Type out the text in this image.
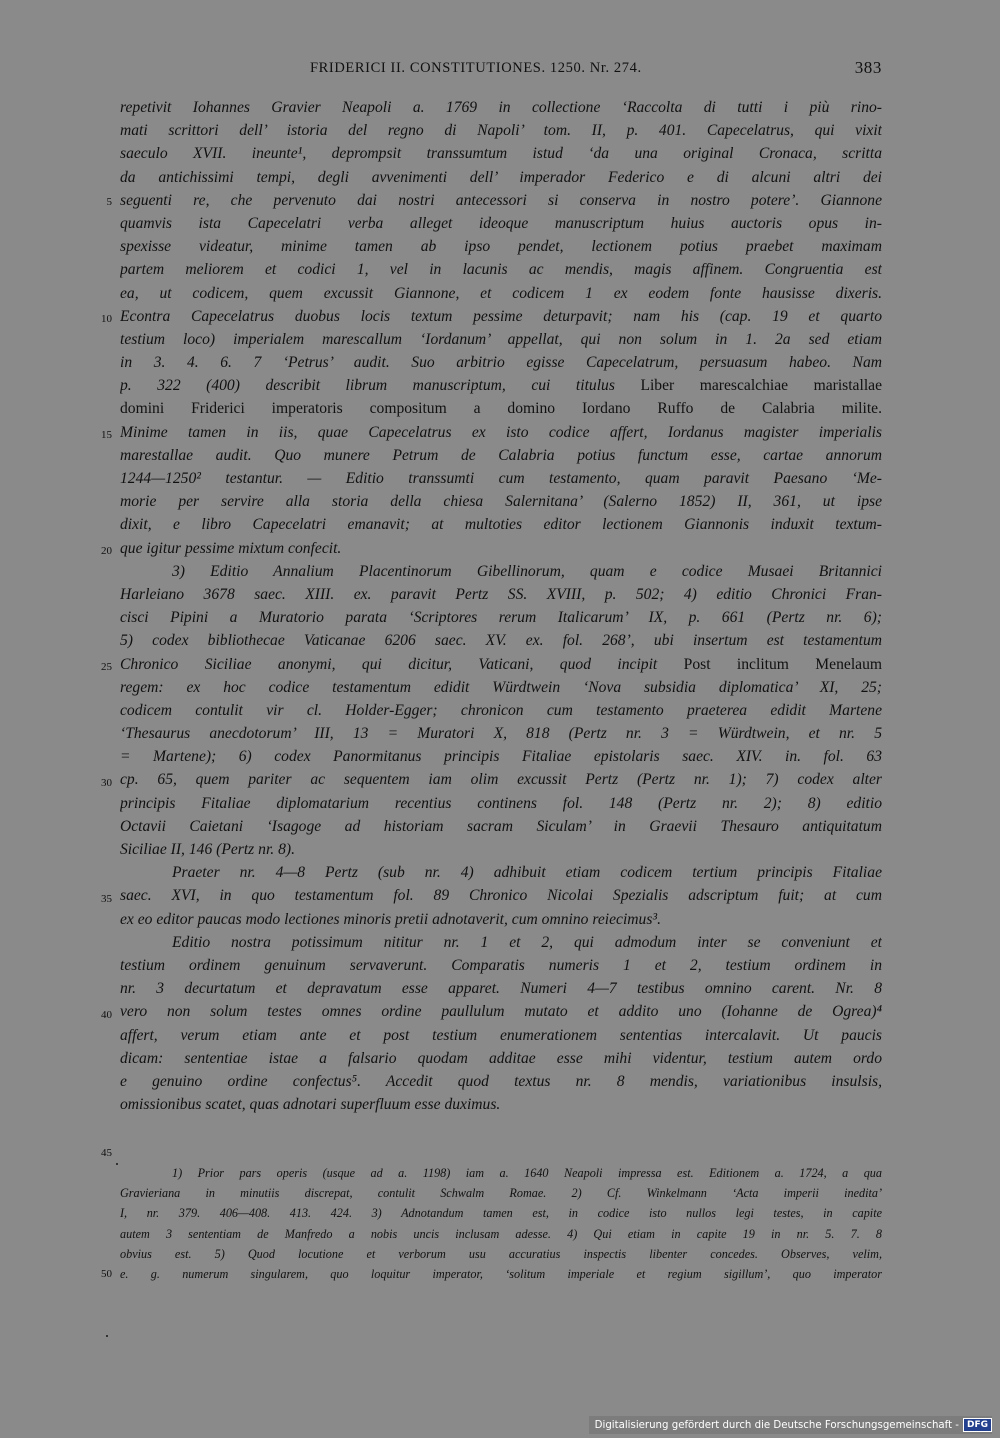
FRIDERICI II. CONSTITUTIONES. 1250. Nr. 274.	383
5
10
15
20
25
30
35
40
45
50
repetivit Iohannes Gravier Neapoli a. 1769 in collectione ‘Raccolta di tutti i più rino-
mati scrittori dell’ istoria del regno di Napoli’ tom. II, p. 401. Capecelatrus, qui vixit
saeculo XVII. ineunte¹, deprompsit transsumtum istud ‘da una original Cronaca, scritta
da antichissimi tempi, degli avvenimenti dell’ imperador Federico e di alcuni altri dei
seguenti re, che pervenuto dai nostri antecessori si conserva in nostro potere’. Giannone
quamvis ista Capecelatri verba alleget ideoque manuscriptum huius auctoris opus in-
spexisse videatur, minime tamen ab ipso pendet, lectionem potius praebet maximam
partem meliorem et codici 1, vel in lacunis ac mendis, magis affinem. Congruentia est
ea, ut codicem, quem excussit Giannone, et codicem 1 ex eodem fonte hausisse dixeris.
Econtra Capecelatrus duobus locis textum pessime deturpavit; nam his (cap. 19 et quarto
testium loco) imperialem marescallum ‘Iordanum’ appellat, qui non solum in 1. 2a sed etiam
in 3. 4. 6. 7 ‘Petrus’ audit. Suo arbitrio egisse Capecelatrum, persuasum habeo. Nam
p. 322 (400) describit librum manuscriptum, cui titulus Liber marescalchiae maristallae
domini Friderici imperatoris compositum a domino Iordano Ruffo de Calabria milite.
Minime tamen in iis, quae Capecelatrus ex isto codice affert, Iordanus magister imperialis
marestallae audit. Quo munere Petrum de Calabria potius functum esse, cartae annorum
1244—1250² testantur. — Editio transsumti cum testamento, quam paravit Paesano ‘Me-
morie per servire alla storia della chiesa Salernitana’ (Salerno 1852) II, 361, ut ipse
dixit, e libro Capecelatri emanavit; at multoties editor lectionem Giannonis induxit textum-
que igitur pessime mixtum confecit.
3) Editio Annalium Placentinorum Gibellinorum, quam e codice Musaei Britannici
Harleiano 3678 saec. XIII. ex. paravit Pertz SS. XVIII, p. 502; 4) editio Chronici Fran-
cisci Pipini a Muratorio parata ‘Scriptores rerum Italicarum’ IX, p. 661 (Pertz nr. 6);
5) codex bibliothecae Vaticanae 6206 saec. XV. ex. fol. 268’, ubi insertum est testamentum
Chronico Siciliae anonymi, qui dicitur, Vaticani, quod incipit Post inclitum Menelaum
regem: ex hoc codice testamentum edidit Würdtwein ‘Nova subsidia diplomatica’ XI, 25;
codicem contulit vir cl. Holder-Egger; chronicon cum testamento praeterea edidit Martene
‘Thesaurus anecdotorum’ III, 13 = Muratori X, 818 (Pertz nr. 3 = Würdtwein, et nr. 5
= Martene); 6) codex Panormitanus principis Fitaliae epistolaris saec. XIV. in. fol. 63
cp. 65, quem pariter ac sequentem iam olim excussit Pertz (Pertz nr. 1); 7) codex alter
principis Fitaliae diplomatarium recentius continens fol. 148 (Pertz nr. 2); 8) editio
Octavii Caietani ‘Isagoge ad historiam sacram Siculam’ in Graevii Thesauro antiquitatum
Siciliae II, 146 (Pertz nr. 8).
Praeter nr. 4—8 Pertz (sub nr. 4) adhibuit etiam codicem tertium principis Fitaliae
saec. XVI, in quo testamentum fol. 89 Chronico Nicolai Spezialis adscriptum fuit; at cum
ex eo editor paucas modo lectiones minoris pretii adnotaverit, cum omnino reiecimus³.
Editio nostra potissimum nititur nr. 1 et 2, qui admodum inter se conveniunt et
testium ordinem genuinum servaverunt. Comparatis numeris 1 et 2, testium ordinem in
nr. 3 decurtatum et depravatum esse apparet. Numeri 4—7 testibus omnino carent. Nr. 8
vero non solum testes omnes ordine paullulum mutato et addito uno (Iohanne de Ogrea)⁴
affert, verum etiam ante et post testium enumerationem sententias intercalavit. Ut paucis
dicam: sententiae istae a falsario quodam additae esse mihi videntur, testium autem ordo
e genuino ordine confectus⁵. Accedit quod textus nr. 8 mendis, variationibus insulsis,
omissionibus scatet, quas adnotari superfluum esse duximus.
1) Prior pars operis (usque ad a. 1198) iam a. 1640 Neapoli impressa est. Editionem a. 1724, a qua
Gravieriana in minutiis discrepat, contulit Schwalm Romae. 2) Cf. Winkelmann ‘Acta imperii inedita’
I, nr. 379. 406—408. 413. 424. 3) Adnotandum tamen est, in codice isto nullos legi testes, in capite
autem 3 sententiam de Manfredo a nobis uncis inclusam adesse. 4) Qui etiam in capite 19 in nr. 5. 7. 8
obvius est. 5) Quod locutione et verborum usu accuratius inspectis libenter concedes. Observes, velim,
e. g. numerum singularem, quo loquitur imperator, ‘solitum imperiale et regium sigillum’, quo imperator
Digitalisierung gefördert durch die Deutsche Forschungsgemeinschaft - DFG
